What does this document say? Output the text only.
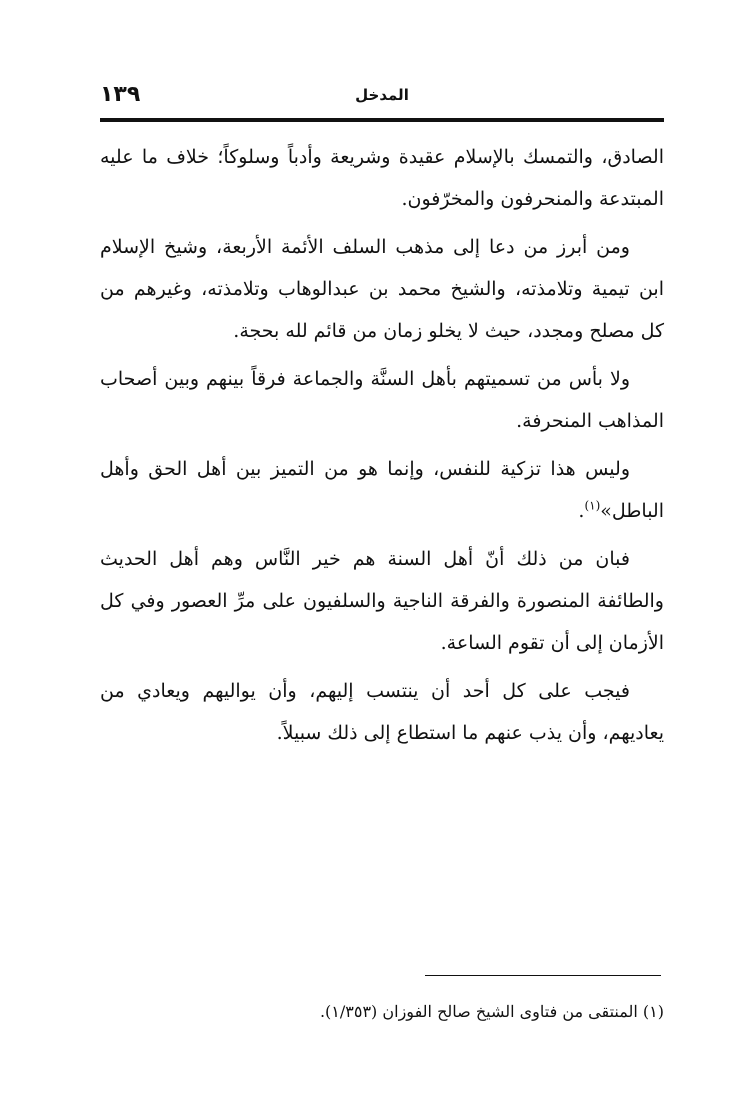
١٣٩	المدخل

الصادق، والتمسك بالإسلام عقيدة وشريعة وأدباً وسلوكاً؛ خلاف ما عليه المبتدعة والمنحرفون والمخرّفون.

ومن أبرز من دعا إلى مذهب السلف الأئمة الأربعة، وشيخ الإسلام ابن تيمية وتلامذته، والشيخ محمد بن عبدالوهاب وتلامذته، وغيرهم من كل مصلح ومجدد، حيث لا يخلو زمان من قائم لله بحجة.

ولا بأس من تسميتهم بأهل السنَّة والجماعة فرقاً بينهم وبين أصحاب المذاهب المنحرفة.

وليس هذا تزكية للنفس، وإنما هو من التميز بين أهل الحق وأهل الباطل»$^{(١)}$.

فبان من ذلك أنّ أهل السنة هم خير النَّاس وهم أهل الحديث والطائفة المنصورة والفرقة الناجية والسلفيون على مرِّ العصور وفي كل الأزمان إلى أن تقوم الساعة.

فيجب على كل أحد أن ينتسب إليهم، وأن يواليهم ويعادي من يعاديهم، وأن يذب عنهم ما استطاع إلى ذلك سبيلاً.

(١) المنتقى من فتاوى الشيخ صالح الفوزان (١/٣٥٣).
